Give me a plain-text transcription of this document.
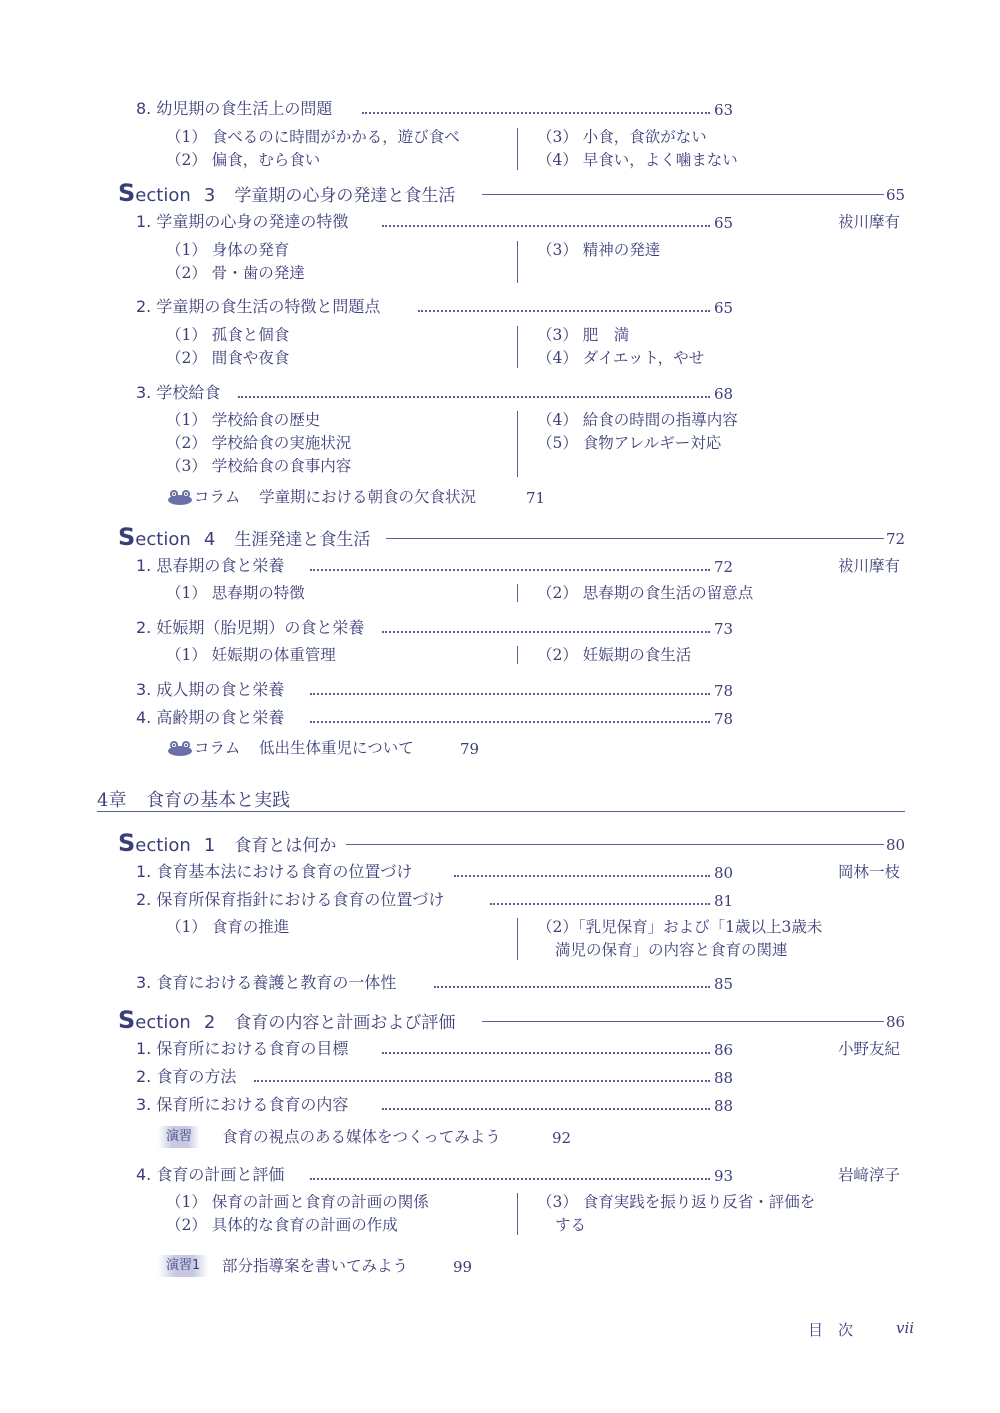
8. 幼児期の食生活上の問題	63
（1） 食べるのに時間がかかる，遊び食べ
（2） 偏食，むら食い
（3） 小食，食欲がない
（4） 早食い，よく噛まない
Section 3 学童期の心身の発達と食生活	65
1. 学童期の心身の発達の特徴	65	祓川摩有
（1） 身体の発育
（2） 骨・歯の発達
（3） 精神の発達
2. 学童期の食生活の特徴と問題点	65
（1） 孤食と個食
（2） 間食や夜食
（3） 肥　満
（4） ダイエット，やせ
3. 学校給食	68
（1） 学校給食の歴史
（2） 学校給食の実施状況
（3） 学校給食の食事内容
（4） 給食の時間の指導内容
（5） 食物アレルギー対応
コラム 学童期における朝食の欠食状況	71
Section 4 生涯発達と食生活	72
1. 思春期の食と栄養	72	祓川摩有
（1） 思春期の特徴	（2） 思春期の食生活の留意点
2. 妊娠期（胎児期）の食と栄養	73
（1） 妊娠期の体重管理	（2） 妊娠期の食生活
3. 成人期の食と栄養	78
4. 高齢期の食と栄養	78
コラム 低出生体重児について	79
4章 食育の基本と実践
Section 1 食育とは何か	80
1. 食育基本法における食育の位置づけ	80	岡林一枝
2. 保育所保育指針における食育の位置づけ	81
（1） 食育の推進	（2）「乳児保育」および「1歳以上3歳未
満児の保育」の内容と食育の関連
3. 食育における養護と教育の一体性	85
Section 2 食育の内容と計画および評価	86
1. 保育所における食育の目標	86	小野友紀
2. 食育の方法	88
3. 保育所における食育の内容	88
演習	食育の視点のある媒体をつくってみよう	92
4. 食育の計画と評価	93	岩﨑淳子
（1） 保育の計画と食育の計画の関係
（2） 具体的な食育の計画の作成
（3） 食育実践を振り返り反省・評価を
する
演習1	部分指導案を書いてみよう	99
目　次	vii
